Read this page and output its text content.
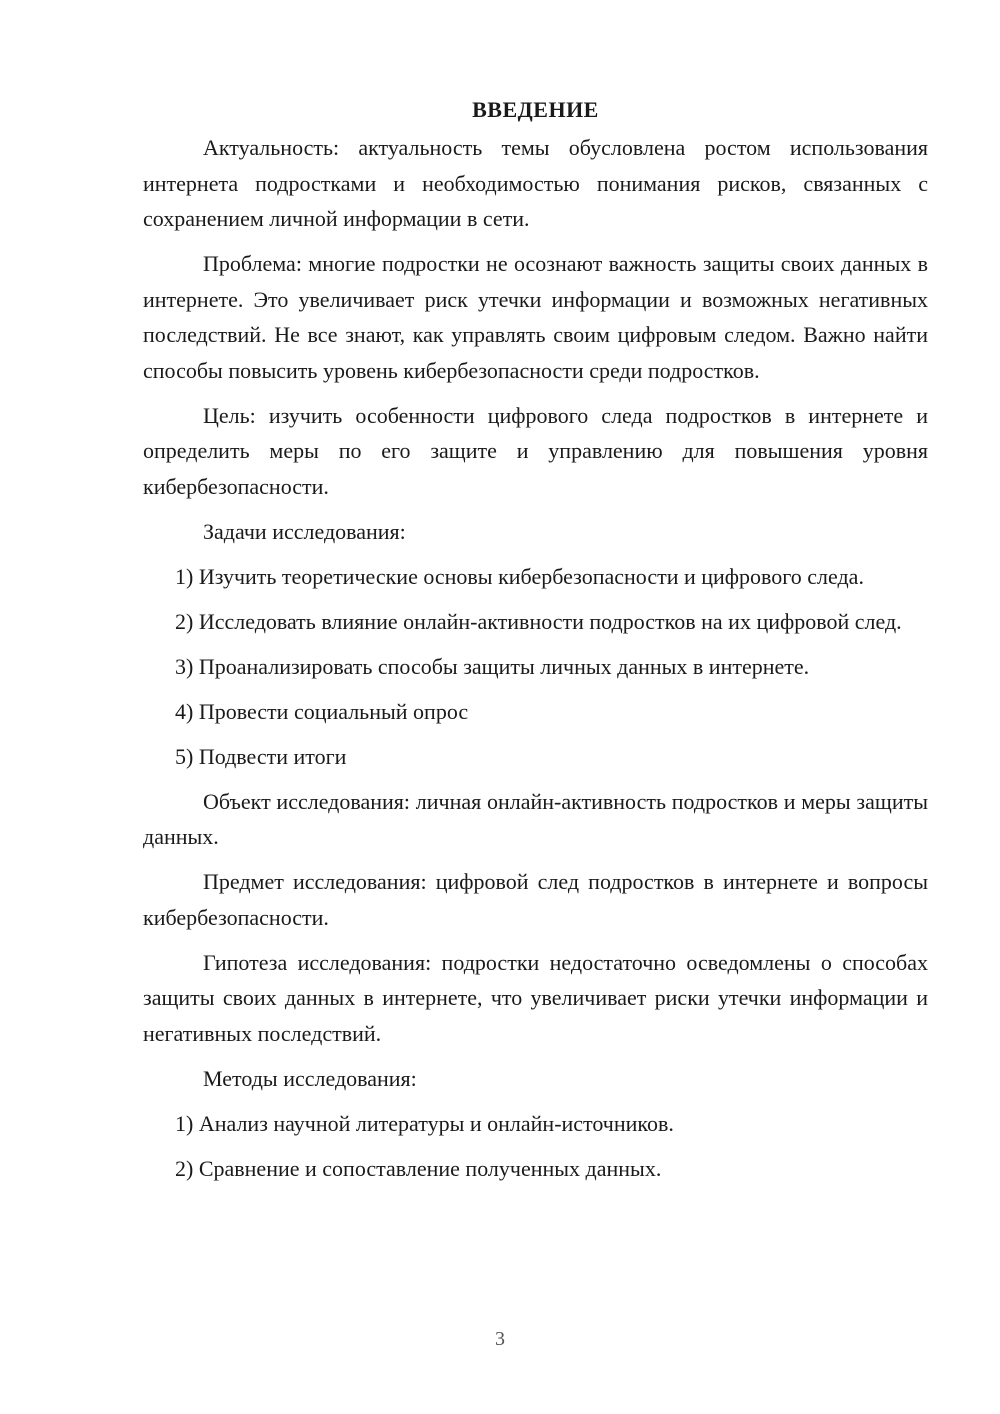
ВВЕДЕНИЕ

Актуальность: актуальность темы обусловлена ростом использования интернета подростками и необходимостью понимания рисков, связанных с сохранением личной информации в сети.

Проблема: многие подростки не осознают важность защиты своих данных в интернете. Это увеличивает риск утечки информации и возможных негативных последствий. Не все знают, как управлять своим цифровым следом. Важно найти способы повысить уровень кибербезопасности среди подростков.

Цель: изучить особенности цифрового следа подростков в интернете и определить меры по его защите и управлению для повышения уровня кибербезопасности.

Задачи исследования:

1) Изучить теоретические основы кибербезопасности и цифрового следа.

2) Исследовать влияние онлайн-активности подростков на их цифровой след.

3) Проанализировать способы защиты личных данных в интернете.

4) Провести социальный опрос

5) Подвести итоги

Объект исследования: личная онлайн-активность подростков и меры защиты данных.

Предмет исследования: цифровой след подростков в интернете и вопросы кибербезопасности.

Гипотеза исследования: подростки недостаточно осведомлены о способах защиты своих данных в интернете, что увеличивает риски утечки информации и негативных последствий.

Методы исследования:

1) Анализ научной литературы и онлайн-источников.

2) Сравнение и сопоставление полученных данных.

3
